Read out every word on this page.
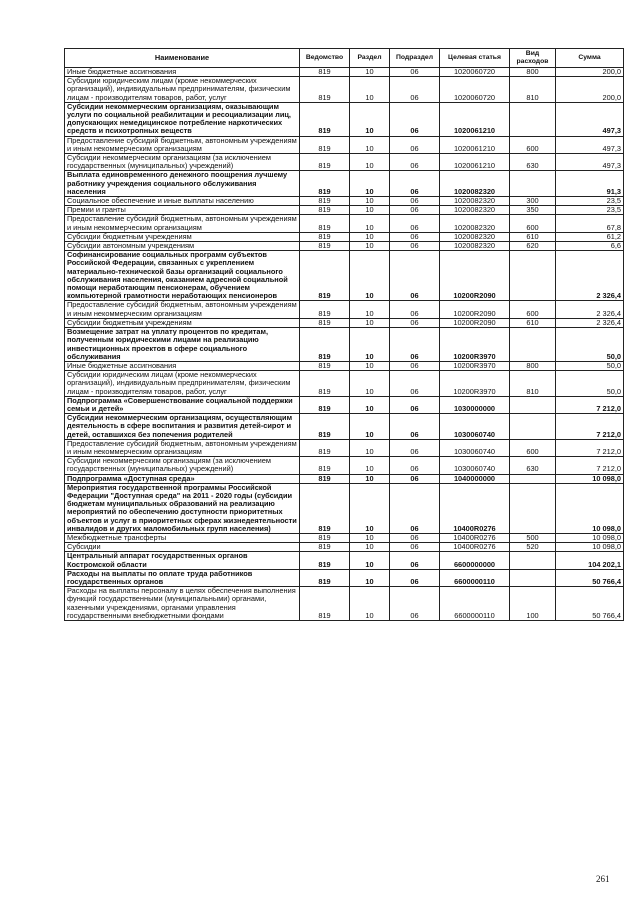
Наименование	Ведомство	Раздел	Подраздел	Целевая статья	Вид расходов	Сумма
Иные бюджетные ассигнования	819	10	06	1020060720	800	200,0
Субсидии юридическим лицам (кроме некоммерческих организаций), индивидуальным предпринимателям, физическим лицам - производителям товаров, работ, услуг	819	10	06	1020060720	810	200,0
Субсидии некоммерческим организациям, оказывающим услуги по социальной реабилитации и ресоциализации лиц, допускающих немедицинское потребление наркотических средств и психотропных веществ	819	10	06	1020061210		497,3
Предоставление субсидий бюджетным, автономным учреждениям и иным некоммерческим организациям	819	10	06	1020061210	600	497,3
Субсидии некоммерческим организациям (за исключением государственных (муниципальных) учреждений)	819	10	06	1020061210	630	497,3
Выплата единовременного денежного поощрения лучшему работнику учреждения социального обслуживания населения	819	10	06	1020082320		91,3
Социальное обеспечение и иные выплаты населению	819	10	06	1020082320	300	23,5
Премии и гранты	819	10	06	1020082320	350	23,5
Предоставление субсидий бюджетным, автономным учреждениям и иным некоммерческим организациям	819	10	06	1020082320	600	67,8
Субсидии бюджетным учреждениям	819	10	06	1020082320	610	61,2
Субсидии автономным учреждениям	819	10	06	1020082320	620	6,6
Софинансирование социальных программ субъектов Российской Федерации, связанных с укреплением материально-технической базы организаций социального обслуживания населения, оказанием адресной социальной помощи неработающим пенсионерам, обучением компьютерной грамотности неработающих пенсионеров	819	10	06	10200R2090		2 326,4
Предоставление субсидий бюджетным, автономным учреждениям и иным некоммерческим организациям	819	10	06	10200R2090	600	2 326,4
Субсидии бюджетным учреждениям	819	10	06	10200R2090	610	2 326,4
Возмещение затрат на уплату процентов по кредитам, полученным юридическими лицами на реализацию инвестиционных проектов в сфере социального обслуживания	819	10	06	10200R3970		50,0
Иные бюджетные ассигнования	819	10	06	10200R3970	800	50,0
Субсидии юридическим лицам (кроме некоммерческих организаций), индивидуальным предпринимателям, физическим лицам - производителям товаров, работ, услуг	819	10	06	10200R3970	810	50,0
Подпрограмма «Совершенствование социальной поддержки семьи и детей»	819	10	06	1030000000		7 212,0
Субсидии некоммерческим организациям, осуществляющим деятельность в сфере воспитания и развития детей-сирот и детей, оставшихся без попечения родителей	819	10	06	1030060740		7 212,0
Предоставление субсидий бюджетным, автономным учреждениям и иным некоммерческим организациям	819	10	06	1030060740	600	7 212,0
Субсидии некоммерческим организациям (за исключением государственных (муниципальных) учреждений)	819	10	06	1030060740	630	7 212,0
Подпрограмма «Доступная среда»	819	10	06	1040000000		10 098,0
Мероприятия государственной программы Российской Федерации "Доступная среда" на 2011 - 2020 годы (субсидии бюджетам муниципальных образований на реализацию мероприятий по обеспечению доступности приоритетных объектов и услуг в приоритетных сферах жизнедеятельности инвалидов и других маломобильных групп населения)	819	10	06	10400R0276		10 098,0
Межбюджетные трансферты	819	10	06	10400R0276	500	10 098,0
Субсидии	819	10	06	10400R0276	520	10 098,0
Центральный аппарат государственных органов Костромской области	819	10	06	6600000000		104 202,1
Расходы на выплаты по оплате труда работников государственных органов	819	10	06	6600000110		50 766,4
Расходы на выплаты персоналу в целях обеспечения выполнения функций государственными (муниципальными) органами, казенными учреждениями, органами управления государственными внебюджетными фондами	819	10	06	6600000110	100	50 766,4
261
